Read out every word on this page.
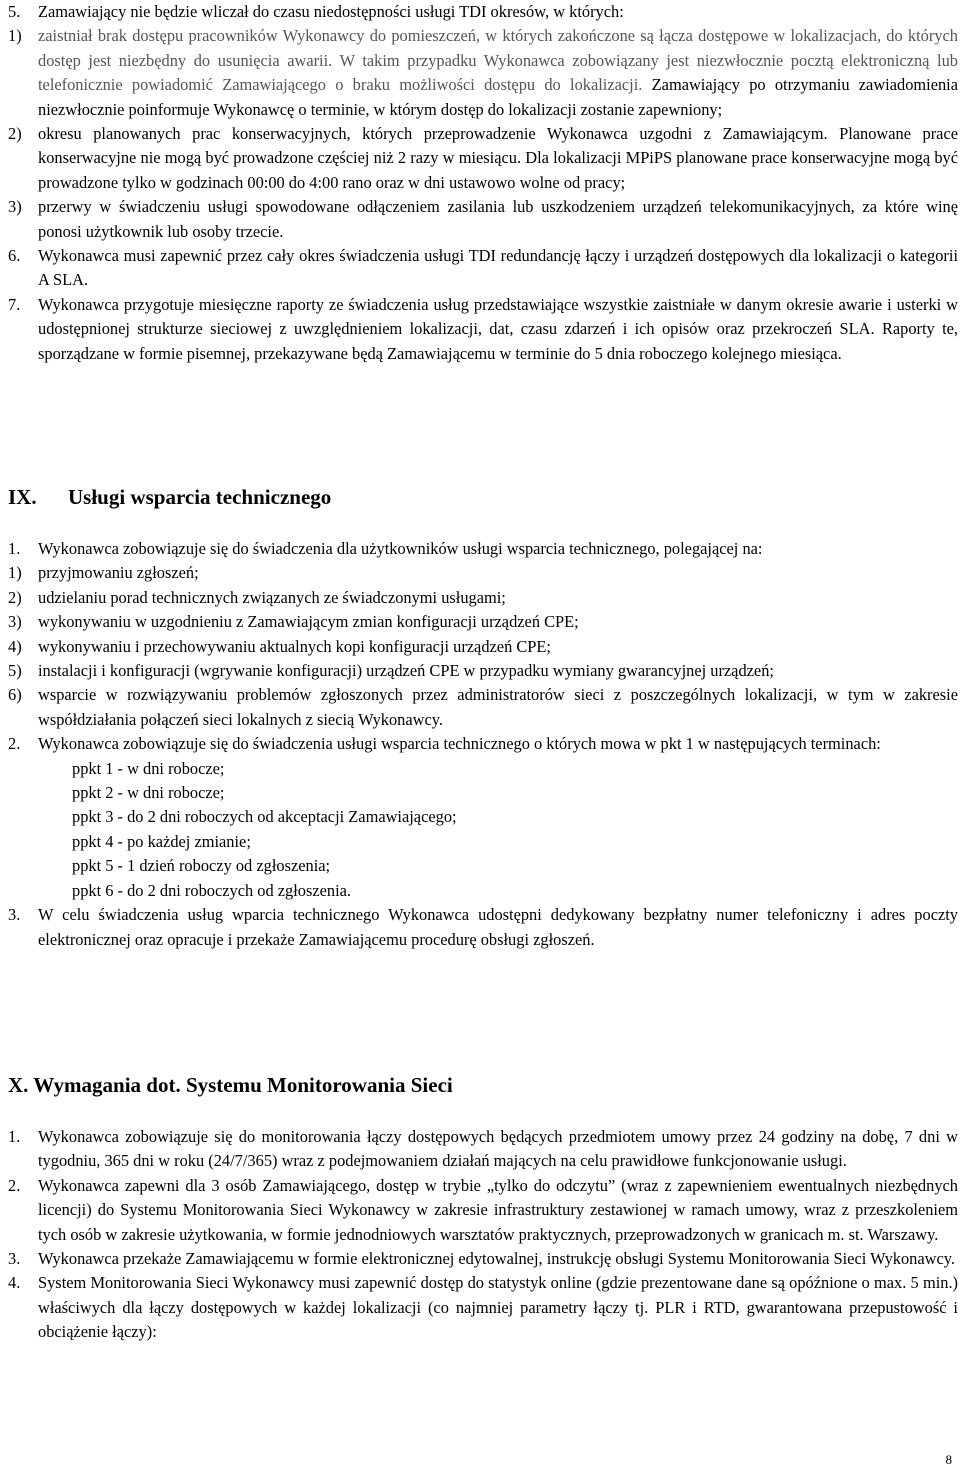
5. Zamawiający nie będzie wliczał do czasu niedostępności usługi TDI okresów, w których:
1) zaistniał brak dostępu pracowników Wykonawcy do pomieszczeń, w których zakończone są łącza dostępowe w lokalizacjach, do których dostęp jest niezbędny do usunięcia awarii. W takim przypadku Wykonawca zobowiązany jest niezwłocznie pocztą elektroniczną lub telefonicznie powiadomić Zamawiającego o braku możliwości dostępu do lokalizacji. Zamawiający po otrzymaniu zawiadomienia niezwłocznie poinformuje Wykonawcę o terminie, w którym dostęp do lokalizacji zostanie zapewniony;
2) okresu planowanych prac konserwacyjnych, których przeprowadzenie Wykonawca uzgodni z Zamawiającym. Planowane prace konserwacyjne nie mogą być prowadzone częściej niż 2 razy w miesiącu. Dla lokalizacji MPiPS planowane prace konserwacyjne mogą być prowadzone tylko w godzinach 00:00 do 4:00 rano oraz w dni ustawowo wolne od pracy;
3) przerwy w świadczeniu usługi spowodowane odłączeniem zasilania lub uszkodzeniem urządzeń telekomunikacyjnych, za które winę ponosi użytkownik lub osoby trzecie.
6. Wykonawca musi zapewnić przez cały okres świadczenia usługi TDI redundancję łączy i urządzeń dostępowych dla lokalizacji o kategorii A SLA.
7. Wykonawca przygotuje miesięczne raporty ze świadczenia usług przedstawiające wszystkie zaistniałe w danym okresie awarie i usterki w udostępnionej strukturze sieciowej z uwzględnieniem lokalizacji, dat, czasu zdarzeń i ich opisów oraz przekroczeń SLA. Raporty te, sporządzane w formie pisemnej, przekazywane będą Zamawiającemu w terminie do 5 dnia roboczego kolejnego miesiąca.
IX. Usługi wsparcia technicznego
1. Wykonawca zobowiązuje się do świadczenia dla użytkowników usługi wsparcia technicznego, polegającej na:
1) przyjmowaniu zgłoszeń;
2) udzielaniu porad technicznych związanych ze świadczonymi usługami;
3) wykonywaniu w uzgodnieniu z Zamawiającym zmian konfiguracji urządzeń CPE;
4) wykonywaniu i przechowywaniu aktualnych kopi konfiguracji urządzeń CPE;
5) instalacji i konfiguracji (wgrywanie konfiguracji) urządzeń CPE w przypadku wymiany gwarancyjnej urządzeń;
6) wsparcie w rozwiązywaniu problemów zgłoszonych przez administratorów sieci z poszczególnych lokalizacji, w tym w zakresie współdziałania połączeń sieci lokalnych z siecią Wykonawcy.
2. Wykonawca zobowiązuje się do świadczenia usługi wsparcia technicznego o których mowa w pkt 1 w następujących terminach:
ppkt 1 - w dni robocze;
ppkt 2 - w dni robocze;
ppkt 3 - do 2 dni roboczych od akceptacji Zamawiającego;
ppkt 4 - po każdej zmianie;
ppkt 5 - 1 dzień roboczy od zgłoszenia;
ppkt 6 - do 2 dni roboczych od zgłoszenia.
3. W celu świadczenia usług wparcia technicznego Wykonawca udostępni dedykowany bezpłatny numer telefoniczny i adres poczty elektronicznej oraz opracuje i przekaże Zamawiającemu procedurę obsługi zgłoszeń.
X. Wymagania dot. Systemu Monitorowania Sieci
1. Wykonawca zobowiązuje się do monitorowania łączy dostępowych będących przedmiotem umowy przez 24 godziny na dobę, 7 dni w tygodniu, 365 dni w roku (24/7/365) wraz z podejmowaniem działań mających na celu prawidłowe funkcjonowanie usługi.
2. Wykonawca zapewni dla 3 osób Zamawiającego, dostęp w trybie „tylko do odczytu” (wraz z zapewnieniem ewentualnych niezbędnych licencji) do Systemu Monitorowania Sieci Wykonawcy w zakresie infrastruktury zestawionej w ramach umowy, wraz z przeszkoleniem tych osób w zakresie użytkowania, w formie jednodniowych warsztatów praktycznych, przeprowadzonych w granicach m. st. Warszawy.
3. Wykonawca przekaże Zamawiającemu w formie elektronicznej edytowalnej, instrukcję obsługi Systemu Monitorowania Sieci Wykonawcy.
4. System Monitorowania Sieci Wykonawcy musi zapewnić dostęp do statystyk online (gdzie prezentowane dane są opóźnione o max. 5 min.) właściwych dla łączy dostępowych w każdej lokalizacji (co najmniej parametry łączy tj. PLR i RTD, gwarantowana przepustowość i obciążenie łączy):
8
